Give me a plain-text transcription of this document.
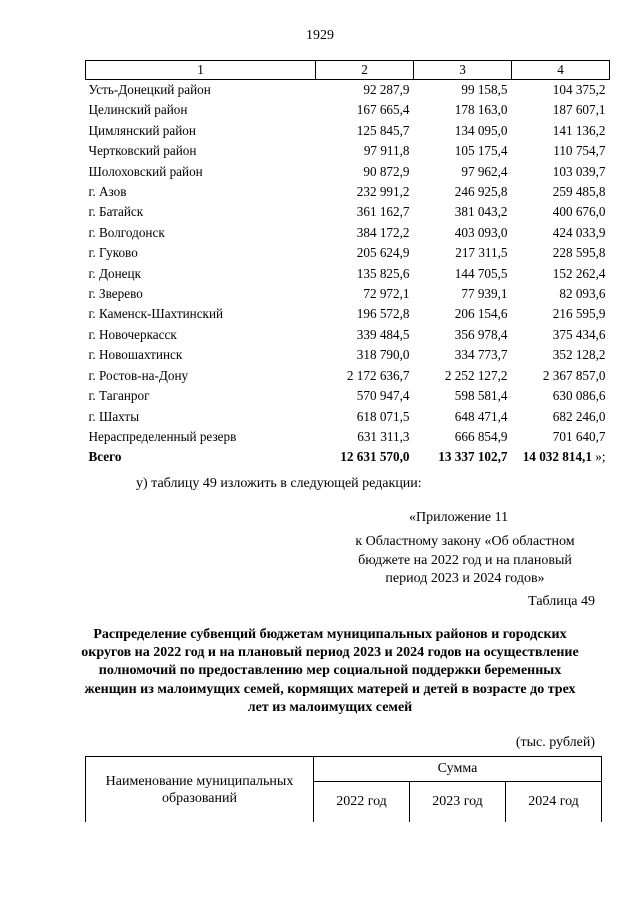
1929
1	2	3	4
Усть-Донецкий район	92 287,9	99 158,5	104 375,2
Целинский район	167 665,4	178 163,0	187 607,1
Цимлянский район	125 845,7	134 095,0	141 136,2
Чертковский район	97 911,8	105 175,4	110 754,7
Шолоховский район	90 872,9	97 962,4	103 039,7
г. Азов	232 991,2	246 925,8	259 485,8
г. Батайск	361 162,7	381 043,2	400 676,0
г. Волгодонск	384 172,2	403 093,0	424 033,9
г. Гуково	205 624,9	217 311,5	228 595,8
г. Донецк	135 825,6	144 705,5	152 262,4
г. Зверево	72 972,1	77 939,1	82 093,6
г. Каменск-Шахтинский	196 572,8	206 154,6	216 595,9
г. Новочеркасск	339 484,5	356 978,4	375 434,6
г. Новошахтинск	318 790,0	334 773,7	352 128,2
г. Ростов-на-Дону	2 172 636,7	2 252 127,2	2 367 857,0
г. Таганрог	570 947,4	598 581,4	630 086,6
г. Шахты	618 071,5	648 471,4	682 246,0
Нераспределенный резерв	631 311,3	666 854,9	701 640,7
Всего	12 631 570,0	13 337 102,7	14 032 814,1 »;
у) таблицу 49 изложить в следующей редакции:
«Приложение 11
к Областному закону «Об областном бюджете на 2022 год и на плановый период 2023 и 2024 годов»
Таблица 49
Распределение субвенций бюджетам муниципальных районов и городских округов на 2022 год и на плановый период 2023 и 2024 годов на осуществление полномочий по предоставлению мер социальной поддержки беременных женщин из малоимущих семей, кормящих матерей и детей в возрасте до трех лет из малоимущих семей
(тыс. рублей)
Наименование муниципальных образований	Сумма		
	2022 год	2023 год	2024 год
